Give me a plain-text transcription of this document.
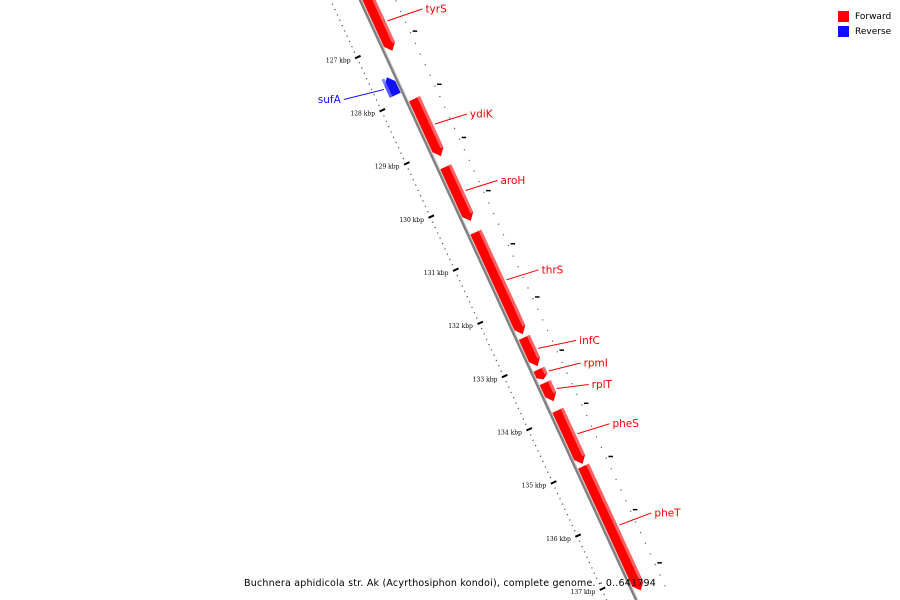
127 kbp
128 kbp
129 kbp
130 kbp
131 kbp
132 kbp
133 kbp
134 kbp
135 kbp
136 kbp
137 kbp
tyrS
sufA
ydiK
aroH
thrS
infC
rpmI
rplT
pheS
pheT
Forward
Reverse
Buchnera aphidicola str. Ak (Acyrthosiphon kondoi), complete genome. - 0..641794
